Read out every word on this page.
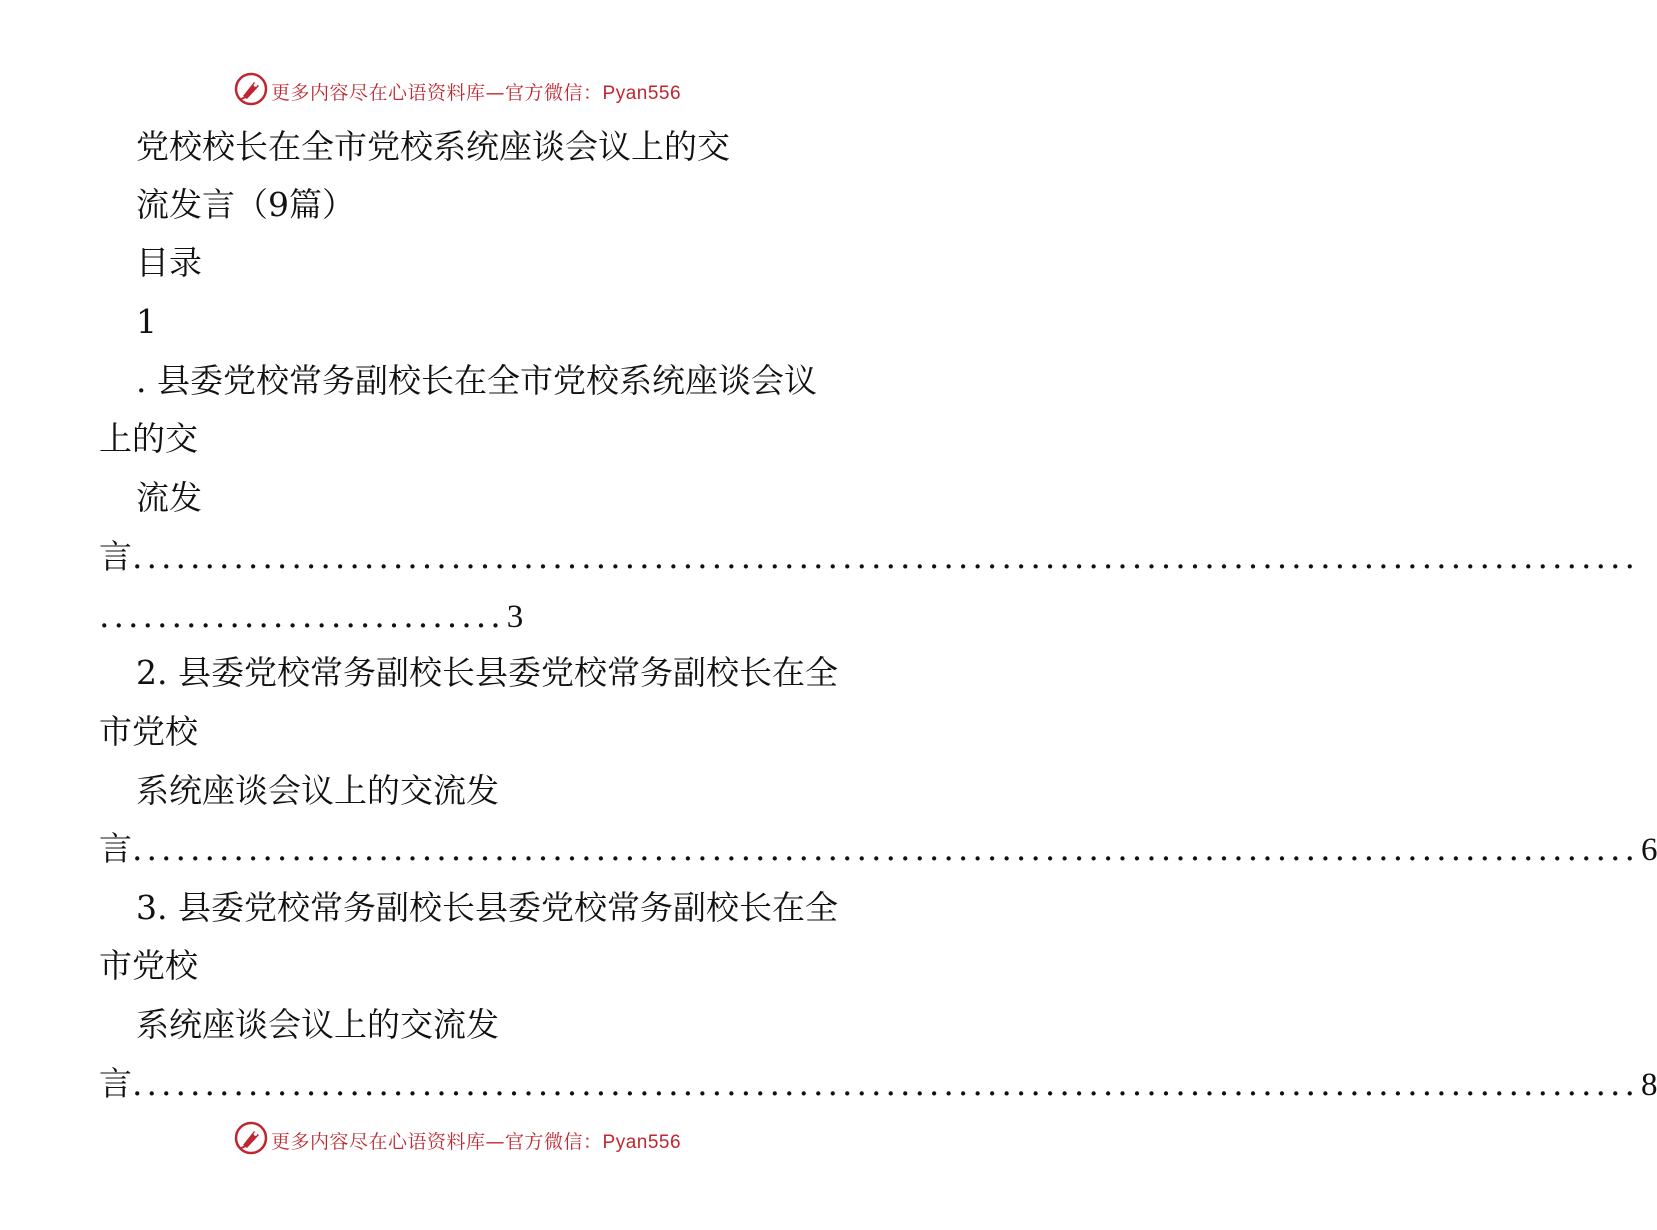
更多内容尽在心语资料库—官方微信：Pyan556
党校校长在全市党校系统座谈会议上的交
流发言（9篇）
目录
1
. 县委党校常务副校长在全市党校系统座谈会议
上的交
流发
言 ........................................................................................................
............................ 3
2. 县委党校常务副校长县委党校常务副校长在全
市党校
系统座谈会议上的交流发
言 ........................................................................................................ 6
3. 县委党校常务副校长县委党校常务副校长在全
市党校
系统座谈会议上的交流发
言 ........................................................................................................ 8
更多内容尽在心语资料库—官方微信：Pyan556
